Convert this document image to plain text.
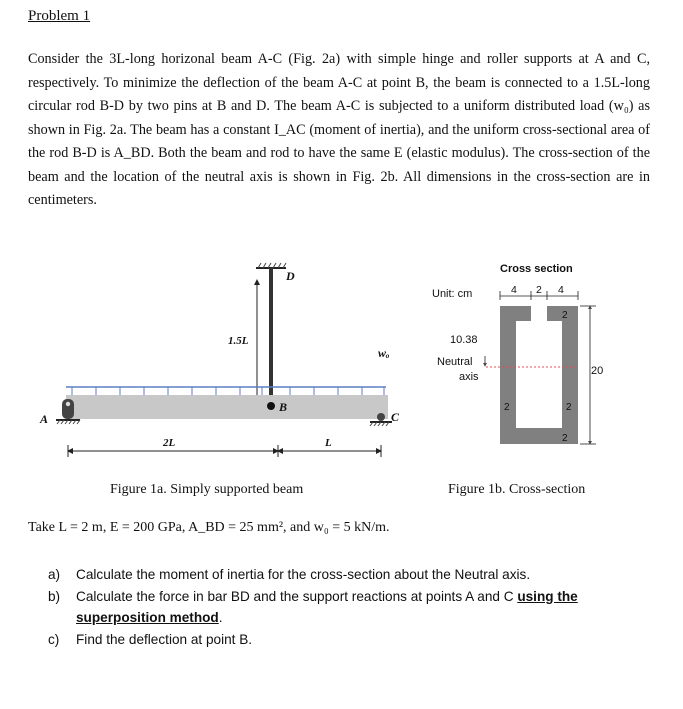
Problem 1
Consider the 3L-long horizonal beam A-C (Fig. 2a) with simple hinge and roller supports at A and C, respectively. To minimize the deflection of the beam A-C at point B, the beam is connected to a 1.5L-long circular rod B-D by two pins at B and D. The beam A-C is subjected to a uniform distributed load (w₀) as shown in Fig. 2a. The beam has a constant I_AC (moment of inertia), and the uniform cross-sectional area of the rod B-D is A_BD. Both the beam and rod to have the same E (elastic modulus). The cross-section of the beam and the location of the neutral axis is shown in Fig. 2b. All dimensions in the cross-section are in centimeters.
D
1.5L
wₒ
B
A	C
2L	L
Cross section
Unit: cm	4 2 4
10.38
Neutral
axis	20
2
2
2	2
Figure 1a. Simply supported beam	Figure 1b. Cross-section
Take L = 2 m, E = 200 GPa, A_BD = 25 mm², and w₀ = 5 kN/m.
a) Calculate the moment of inertia for the cross-section about the Neutral axis.
b) Calculate the force in bar BD and the support reactions at points A and C using the superposition method.
c) Find the deflection at point B.
